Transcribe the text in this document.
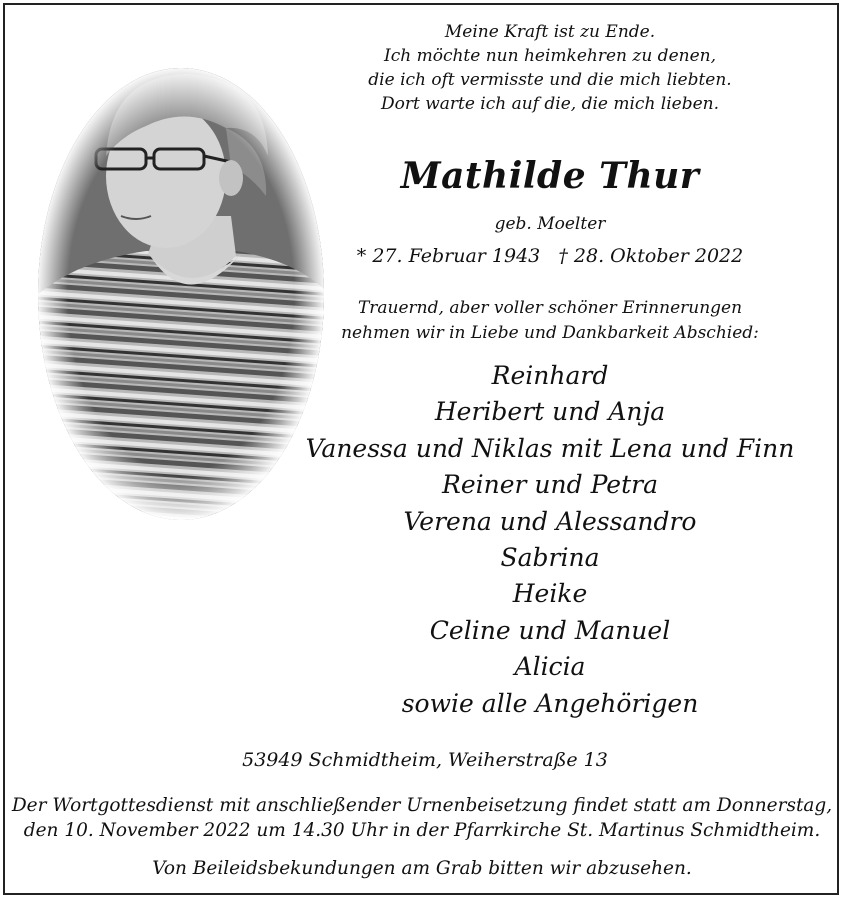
Meine Kraft ist zu Ende.

Ich möchte nun heimkehren zu denen,

die ich oft vermisste und die mich liebten.

Dort warte ich auf die, die mich lieben.

Mathilde Thur
geb. Moelter
* 27. Februar 1943   † 28. Oktober 2022

Trauernd, aber voller schöner Erinnerungen

nehmen wir in Liebe und Dankbarkeit Abschied:

Reinhard

Heribert und Anja

Vanessa und Niklas mit Lena und Finn

Reiner und Petra

Verena und Alessandro

Sabrina

Heike

Celine und Manuel

Alicia

sowie alle Angehörigen

53949 Schmidtheim, Weiherstraße 13

Der Wortgottesdienst mit anschließender Urnenbeisetzung findet statt am Donnerstag,

den 10. November 2022 um 14.30 Uhr in der Pfarrkirche St. Martinus Schmidtheim.

Von Beileidsbekundungen am Grab bitten wir abzusehen.
